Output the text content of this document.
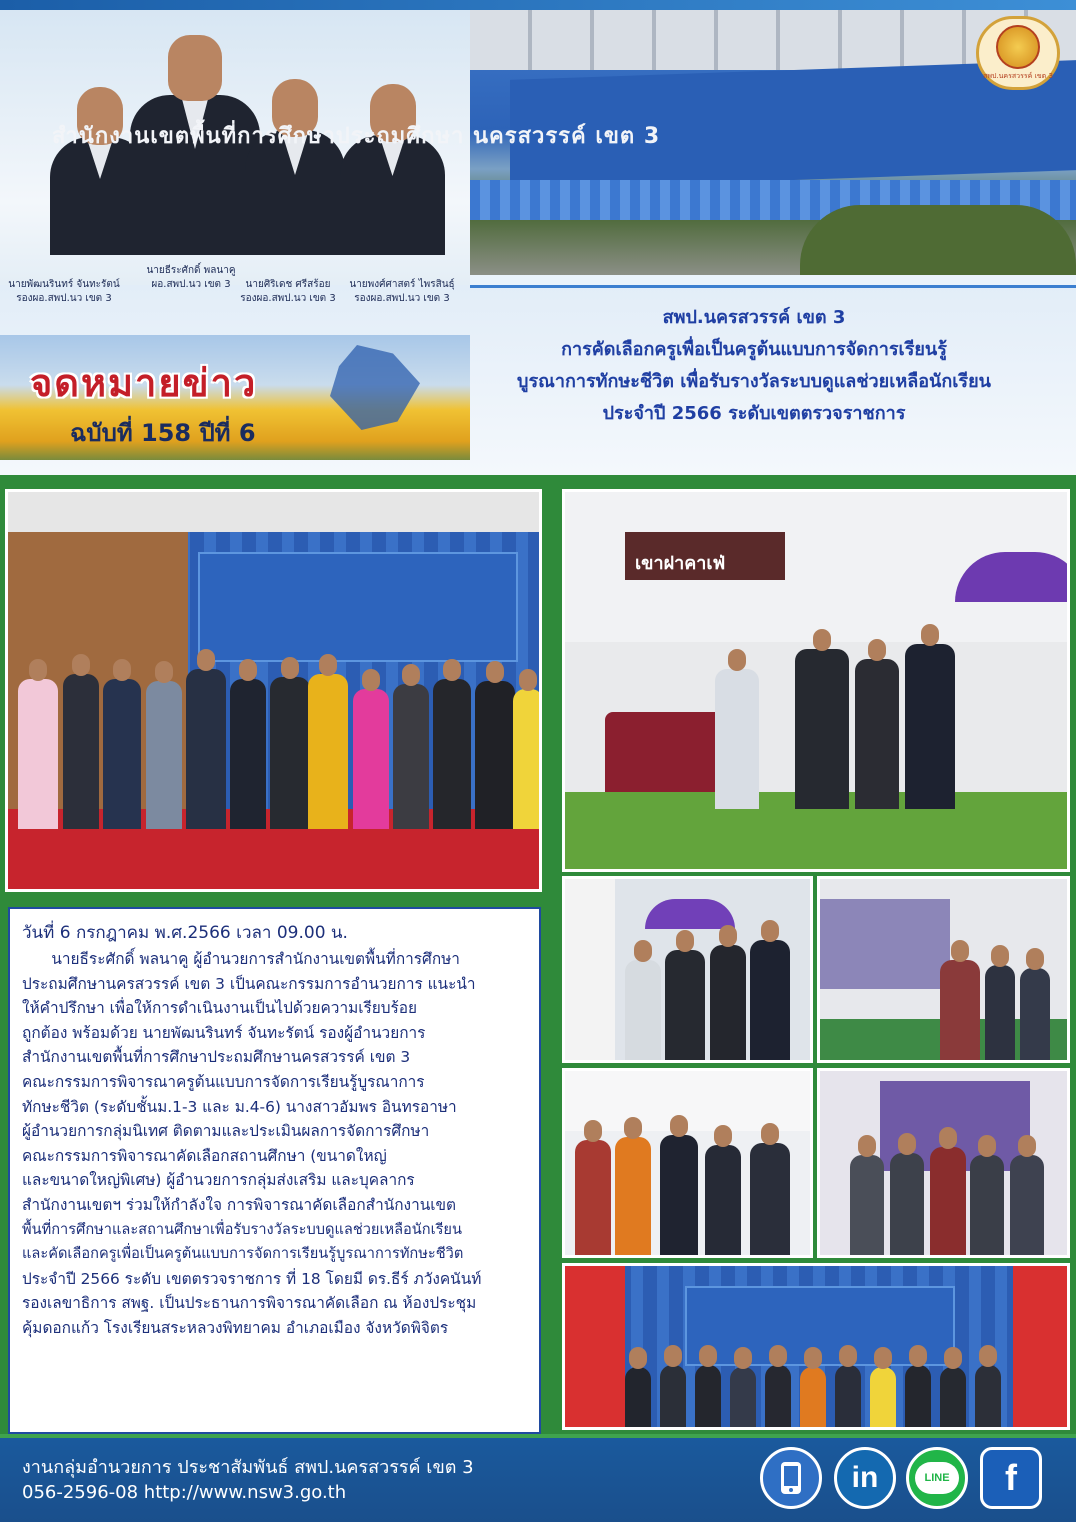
สำนักงานเขตพื้นที่การศึกษาประถมศึกษา นครสวรรค์ เขต 3
สพป.นครสวรรค์ เขต 3
นายพัฒนรินทร์ จันทะรัตน์
รองผอ.สพป.นว เขต 3
นายธีระศักดิ์ พลนาคู
ผอ.สพป.นว เขต 3	นายศิริเดช ศรีสร้อย
รองผอ.สพป.นว เขต 3
นายพงศ์ศาสตร์ ไพรสินธุ์
รองผอ.สพป.นว เขต 3
จดหมายข่าว
ฉบับที่ 158 ปีที่ 6
สพป.นครสวรรค์ เขต 3
การคัดเลือกครูเพื่อเป็นครูต้นแบบการจัดการเรียนรู้
บูรณาการทักษะชีวิต เพื่อรับรางวัลระบบดูแลช่วยเหลือนักเรียน
ประจำปี 2566 ระดับเขตตรวจราชการ
เขาฝาคาเฟ่
วันที่ 6 กรกฎาคม พ.ศ.2566 เวลา 09.00 น.
นายธีระศักดิ์ พลนาคู ผู้อำนวยการสำนักงานเขตพื้นที่การศึกษา
ประถมศึกษานครสวรรค์ เขต 3 เป็นคณะกรรมการอำนวยการ แนะนำ
ให้คำปรึกษา เพื่อให้การดำเนินงานเป็นไปด้วยความเรียบร้อย
ถูกต้อง พร้อมด้วย นายพัฒนรินทร์ จันทะรัตน์ รองผู้อำนวยการ
สำนักงานเขตพื้นที่การศึกษาประถมศึกษานครสวรรค์ เขต 3
คณะกรรมการพิจารณาครูต้นแบบการจัดการเรียนรู้บูรณาการ
ทักษะชีวิต (ระดับชั้นม.1-3 และ ม.4-6) นางสาวอัมพร อินทรอาษา
ผู้อำนวยการกลุ่มนิเทศ ติดตามและประเมินผลการจัดการศึกษา
คณะกรรมการพิจารณาคัดเลือกสถานศึกษา (ขนาดใหญ่
และขนาดใหญ่พิเศษ) ผู้อำนวยการกลุ่มส่งเสริม และบุคลากร
สำนักงานเขตฯ ร่วมให้กำลังใจ การพิจารณาคัดเลือกสำนักงานเขต
พื้นที่การศึกษาและสถานศึกษาเพื่อรับรางวัลระบบดูแลช่วยเหลือนักเรียน
และคัดเลือกครูเพื่อเป็นครูต้นแบบการจัดการเรียนรู้บูรณาการทักษะชีวิต
ประจำปี 2566 ระดับ เขตตรวจราชการ ที่ 18 โดยมี ดร.ธีร์ ภวังคนันท์
รองเลขาธิการ สพฐ. เป็นประธานการพิจารณาคัดเลือก ณ ห้องประชุม
คุ้มดอกแก้ว โรงเรียนสระหลวงพิทยาคม อำเภอเมือง จังหวัดพิจิตร
งานกลุ่มอำนวยการ ประชาสัมพันธ์ สพป.นครสวรรค์ เขต 3
056-2596-08 http://www.nsw3.go.th	in	LINE f
